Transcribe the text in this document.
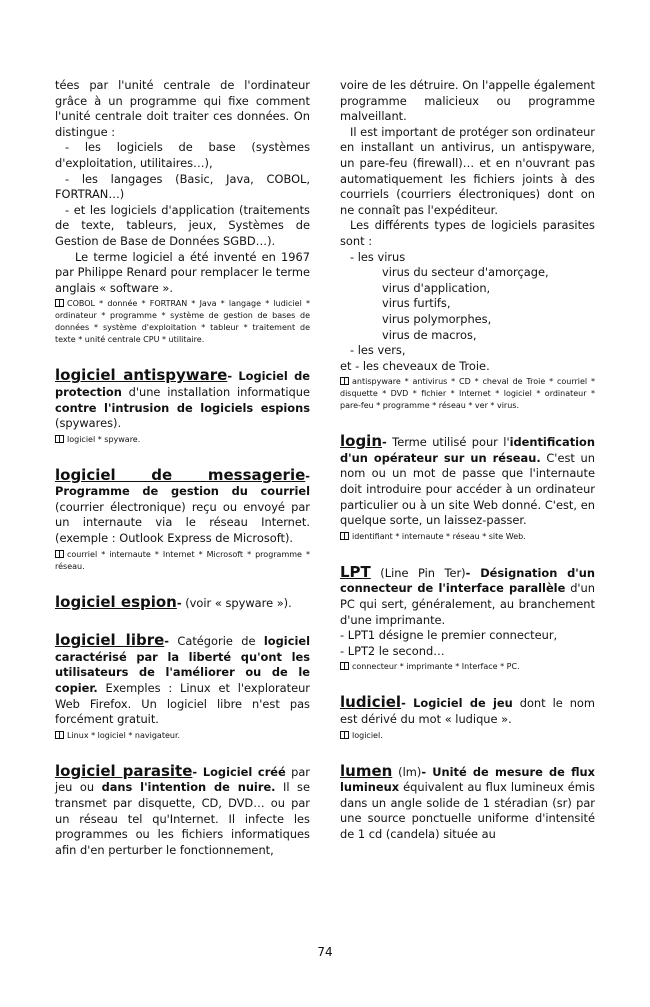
tées par l'unité centrale de l'ordinateur grâce à un programme qui fixe comment l'unité centrale doit traiter ces données. On distingue :

- les logiciels de base (systèmes d'exploitation, utilitaires…),

- les langages (Basic, Java, COBOL, FORTRAN…)

- et les logiciels d'application (traitements de texte, tableurs, jeux, Systèmes de Gestion de Base de Données SGBD…).

Le terme logiciel a été inventé en 1967 par Philippe Renard pour remplacer le terme anglais « software ».

COBOL * donnée * FORTRAN * Java * langage * ludiciel * ordinateur * programme * système de gestion de bases de données * système d'exploitation * tableur * traitement de texte * unité centrale CPU * utilitaire.

logiciel antispyware- Logiciel de protection d'une installation informatique contre l'intrusion de logiciels espions (spywares).

logiciel * spyware.

logiciel de messagerie- Programme de gestion du courriel (courrier électronique) reçu ou envoyé par un internaute via le réseau Internet. (exemple : Outlook Express de Microsoft).

courriel * internaute * Internet * Microsoft * programme * réseau.

logiciel espion- (voir « spyware »).

logiciel libre- Catégorie de logiciel caractérisé par la liberté qu'ont les utilisateurs de l'améliorer ou de le copier. Exemples : Linux et l'explorateur Web Firefox. Un logiciel libre n'est pas forcément gratuit.

Linux * logiciel * navigateur.

logiciel parasite- Logiciel créé par jeu ou dans l'intention de nuire. Il se transmet par disquette, CD, DVD… ou par un réseau tel qu'Internet. Il infecte les programmes ou les fichiers informatiques afin d'en perturber le fonctionnement,

voire de les détruire. On l'appelle également programme malicieux ou programme malveillant.

Il est important de protéger son ordinateur en installant un antivirus, un antispyware, un pare-feu (firewall)… et en n'ouvrant pas automatiquement les fichiers joints à des courriels (courriers électroniques) dont on ne connaît pas l'expéditeur.

Les différents types de logiciels parasites sont :

- les virus

virus du secteur d'amorçage,

virus d'application,

virus furtifs,

virus polymorphes,

virus de macros,

- les vers,

et - les cheveaux de Troie.

antispyware * antivirus * CD * cheval de Troie * courriel * disquette * DVD * fichier * Internet * logiciel * ordinateur * pare-feu * programme * réseau * ver * virus.

login- Terme utilisé pour l'identification d'un opérateur sur un réseau. C'est un nom ou un mot de passe que l'internaute doit introduire pour accéder à un ordinateur particulier ou à un site Web donné. C'est, en quelque sorte, un laissez-passer.

identifiant * internaute * réseau * site Web.

LPT (Line Pin Ter)- Désignation d'un connecteur de l'interface parallèle d'un PC qui sert, généralement, au branchement d'une imprimante.

- LPT1 désigne le premier connecteur,

- LPT2 le second…

connecteur * imprimante * Interface * PC.

ludiciel- Logiciel de jeu dont le nom est dérivé du mot « ludique ».

logiciel.

lumen (lm)- Unité de mesure de flux lumineux équivalent au flux lumineux émis dans un angle solide de 1 stéradian (sr) par une source ponctuelle uniforme d'intensité de 1 cd (candela) située au

74
